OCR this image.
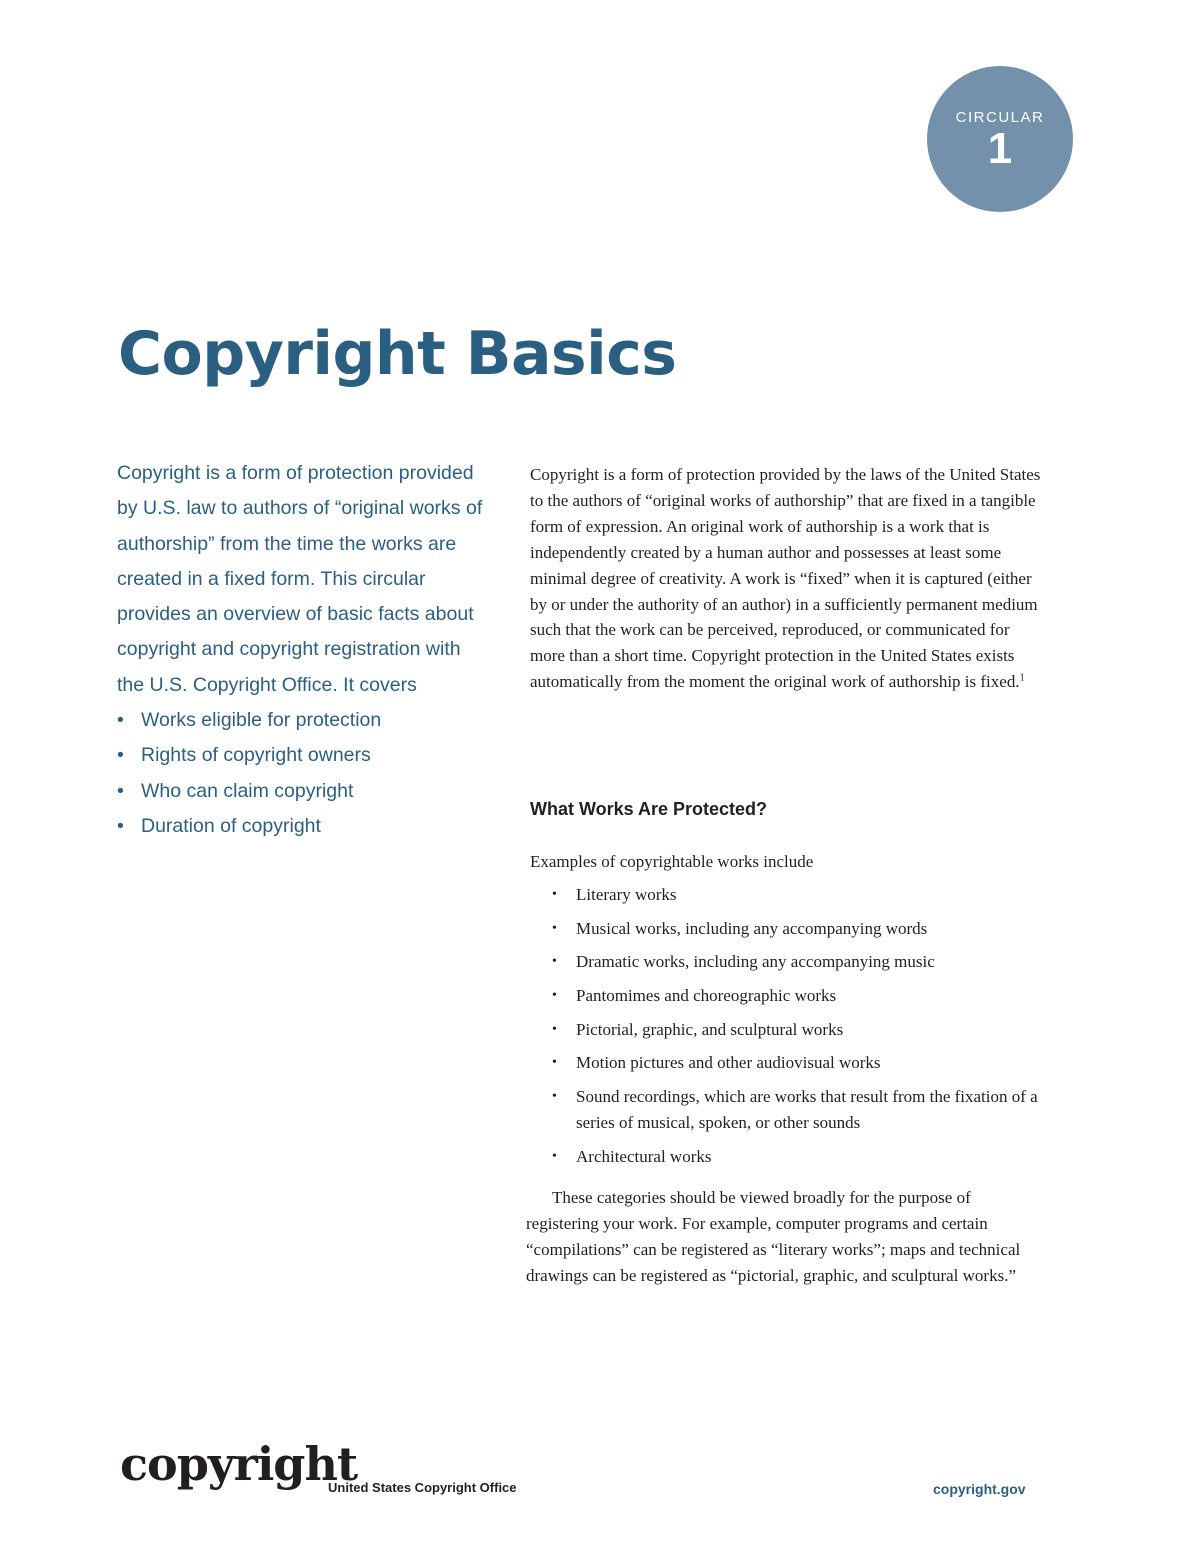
CIRCULAR
1
Copyright Basics

Copyright is a form of protection provided by U.S. law to authors of “original works of authorship” from the time the works are created in a fixed form. This circular provides an overview of basic facts about copyright and copyright registration with the U.S. Copyright Office. It covers

• Works eligible for protection
• Rights of copyright owners
• Who can claim copyright
• Duration of copyright

Copyright is a form of protection provided by the laws of the United States to the authors of “original works of authorship” that are fixed in a tangible form of expression. An original work of authorship is a work that is independently created by a human author and possesses at least some minimal degree of creativity. A work is “fixed” when it is captured (either by or under the authority of an author) in a sufficiently permanent medium such that the work can be perceived, reproduced, or communicated for more than a short time. Copyright protection in the United States exists automatically from the moment the original work of authorship is fixed.$^1$

What Works Are Protected?

Examples of copyrightable works include

• Literary works
• Musical works, including any accompanying words
• Dramatic works, including any accompanying music
• Pantomimes and choreographic works
• Pictorial, graphic, and sculptural works
• Motion pictures and other audiovisual works
• Sound recordings, which are works that result from the fixation of a series of musical, spoken, or other sounds
• Architectural works

These categories should be viewed broadly for the purpose of registering your work. For example, computer programs and certain “compilations” can be registered as “literary works”; maps and technical drawings can be registered as “pictorial, graphic, and sculptural works.”

copyright
United States Copyright Office	copyright.gov
